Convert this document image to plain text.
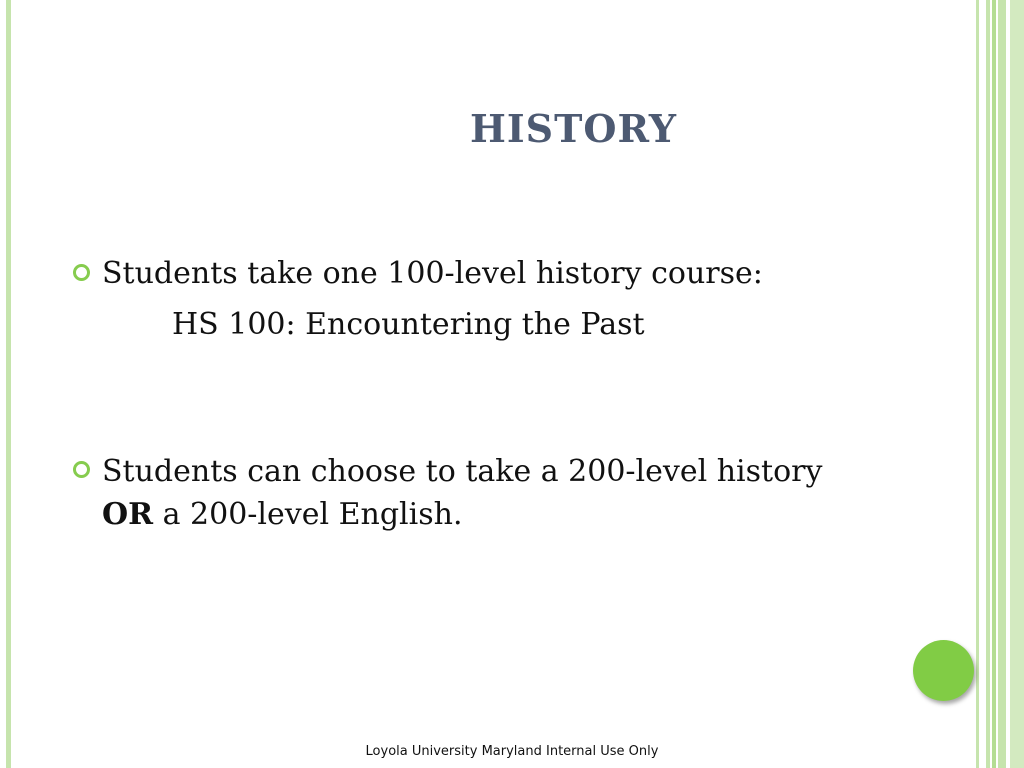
HISTORY
Students take one 100-level history course:
HS 100: Encountering the Past
Students can choose to take a 200-level history
OR a 200-level English.
Loyola University Maryland Internal Use Only
